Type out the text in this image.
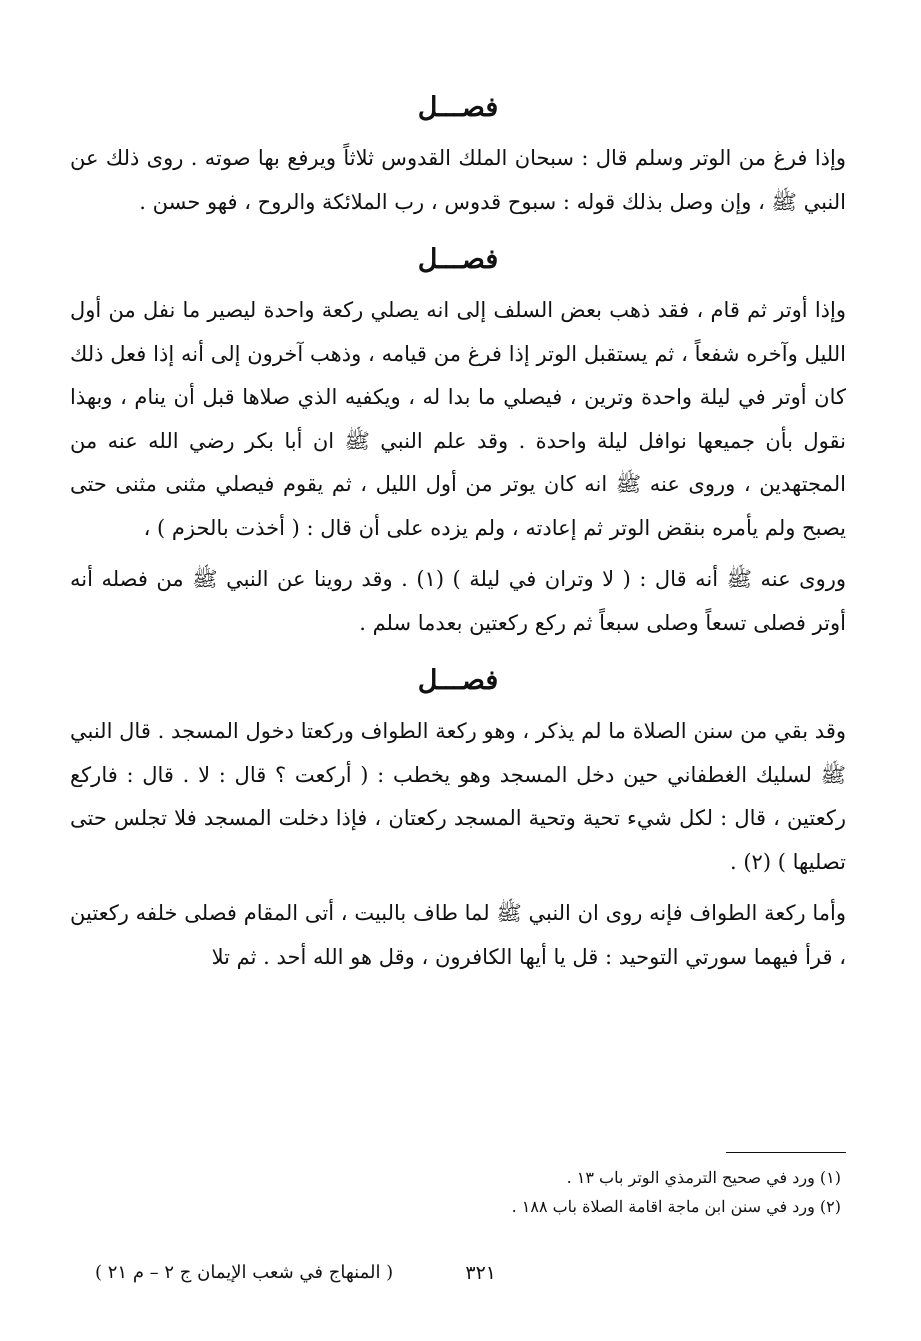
فصـــل

وإذا فرغ من الوتر وسلم قال : سبحان الملك القدوس ثلاثاً ويرفع بها صوته . روى ذلك عن النبي ﷺ ، وإن وصل بذلك قوله : سبوح قدوس ، رب الملائكة والروح ، فهو حسن .

فصـــل

وإذا أوتر ثم قام ، فقد ذهب بعض السلف إلى انه يصلي ركعة واحدة ليصير ما نفل من أول الليل وآخره شفعاً ، ثم يستقبل الوتر إذا فرغ من قيامه ، وذهب آخرون إلى أنه إذا فعل ذلك كان أوتر في ليلة واحدة وترين ، فيصلي ما بدا له ، ويكفيه الذي صلاها قبل أن ينام ، وبهذا نقول بأن جميعها نوافل ليلة واحدة . وقد علم النبي ﷺ ان أبا بكر رضي الله عنه من المجتهدين ، وروى عنه ﷺ انه كان يوتر من أول الليل ، ثم يقوم فيصلي مثنى مثنى حتى يصبح ولم يأمره بنقض الوتر ثم إعادته ، ولم يزده على أن قال : ( أخذت بالحزم ) ،

وروى عنه ﷺ أنه قال : ( لا وتران في ليلة ) (١) . وقد روينا عن النبي ﷺ من فصله أنه أوتر فصلى تسعاً وصلى سبعاً ثم ركع ركعتين بعدما سلم .

فصـــل

وقد بقي من سنن الصلاة ما لم يذكر ، وهو ركعة الطواف وركعتا دخول المسجد . قال النبي ﷺ لسليك الغطفاني حين دخل المسجد وهو يخطب : ( أركعت ؟ قال : لا . قال : فاركع ركعتين ، قال : لكل شيء تحية وتحية المسجد ركعتان ، فإذا دخلت المسجد فلا تجلس حتى تصليها ) (٢) .

وأما ركعة الطواف فإنه روى ان النبي ﷺ لما طاف بالبيت ، أتى المقام فصلى خلفه ركعتين ، قرأ فيهما سورتي التوحيد : قل يا أيها الكافرون ، وقل هو الله أحد . ثم تلا

(١) ورد في صحيح الترمذي الوتر باب ١٣ .
(٢) ورد في سنن ابن ماجة اقامة الصلاة باب ١٨٨ .
٣٢١
( المنهاج في شعب الإيمان ج ٢ – م ٢١ )
